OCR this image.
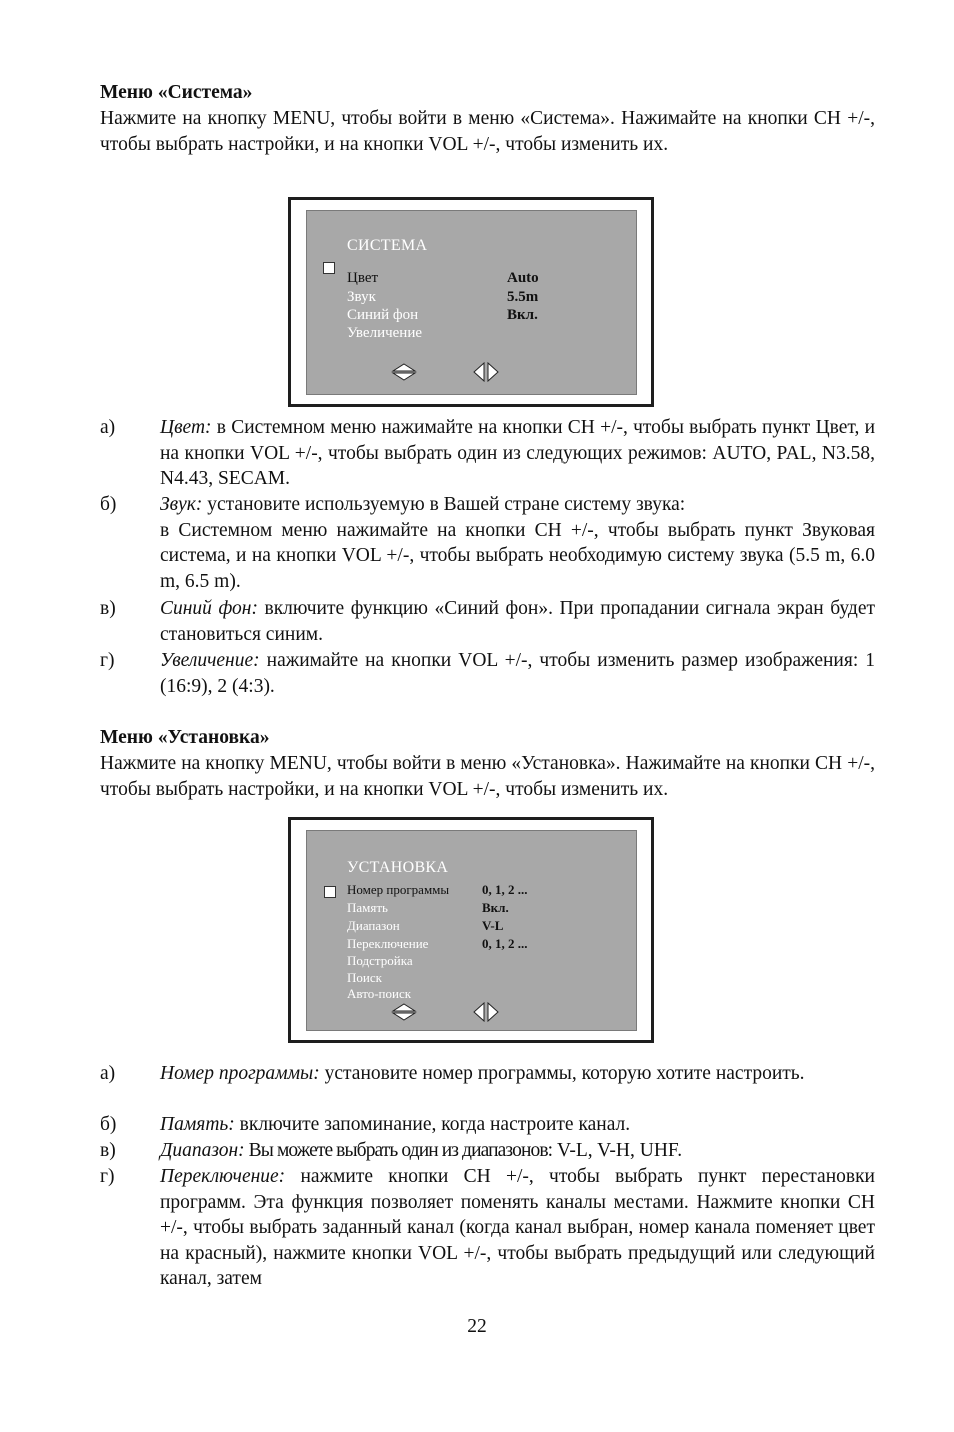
Меню «Система»
Нажмите на кнопку MENU, чтобы войти в меню «Система». Нажимайте на кнопки CH +/-, чтобы выбрать настройки, и на кнопки VOL +/-, чтобы изменить их.
СИСТЕМА
Цвет	Auto
Звук	5.5m
Синий фон	Вкл.
Увеличение
а) Цвет: в Системном меню нажимайте на кнопки CH +/-, чтобы выбрать пункт Цвет, и на кнопки VOL +/-, чтобы выбрать один из следующих режимов: AUTO, PAL, N3.58, N4.43, SECAM.
б) Звук: установите используемую в Вашей стране систему звука:
в Системном меню нажимайте на кнопки CH +/-, чтобы выбрать пункт Звуковая система, и на кнопки VOL +/-, чтобы выбрать необходимую систему звука (5.5 m, 6.0 m, 6.5 m).
в) Синий фон: включите функцию «Синий фон». При пропадании сигнала экран будет становиться синим.
г) Увеличение: нажимайте на кнопки VOL +/-, чтобы изменить размер изображения: 1 (16:9), 2 (4:3).
Меню «Установка»
Нажмите на кнопку MENU, чтобы войти в меню «Установка». Нажимайте на кнопки CH +/-, чтобы выбрать настройки, и на кнопки VOL +/-, чтобы изменить их.
УСТАНОВКА
Номер программы	0, 1, 2 ...
Память	Вкл.
Диапазон	V-L
Переключение	0, 1, 2 ...
Подстройка
Поиск
Авто-поиск
а) Номер программы: установите номер программы, которую хотите настроить.
б) Память: включите запоминание, когда настроите канал.
в) Диапазон: Вы можете выбрать один из диапазонов: V-L, V-H, UHF.
г) Переключение: нажмите кнопки CH +/-, чтобы выбрать пункт перестановки программ. Эта функция позволяет поменять каналы местами. Нажмите кнопки CH +/-, чтобы выбрать заданный канал (когда канал выбран, номер канала поменяет цвет на красный), нажмите кнопки VOL +/-, чтобы выбрать предыдущий или следующий канал, затем
22
